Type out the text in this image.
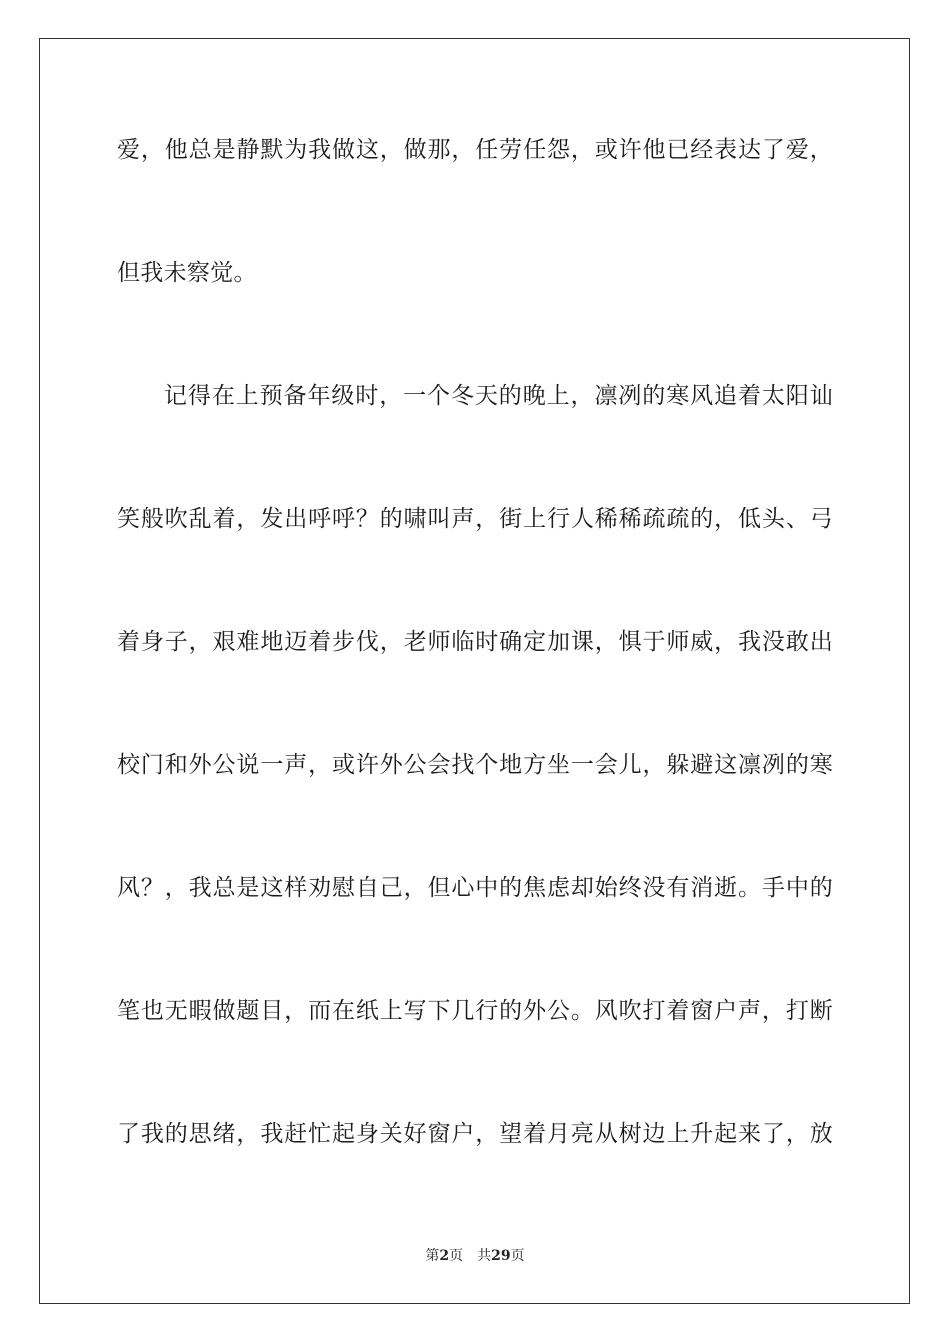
爱，他总是静默为我做这，做那，任劳任怨，或许他已经表达了爱，
但我未察觉。
记得在上预备年级时，一个冬天的晚上，凛冽的寒风追着太阳讪
笑般吹乱着，发出呼呼？的啸叫声，街上行人稀稀疏疏的，低头、弓
着身子，艰难地迈着步伐，老师临时确定加课，惧于师威，我没敢出
校门和外公说一声，或许外公会找个地方坐一会儿，躲避这凛冽的寒
风？，我总是这样劝慰自己，但心中的焦虑却始终没有消逝。手中的
笔也无暇做题目，而在纸上写下几行的外公。风吹打着窗户声，打断
了我的思绪，我赶忙起身关好窗户，望着月亮从树边上升起来了，放
第2页 共29页
